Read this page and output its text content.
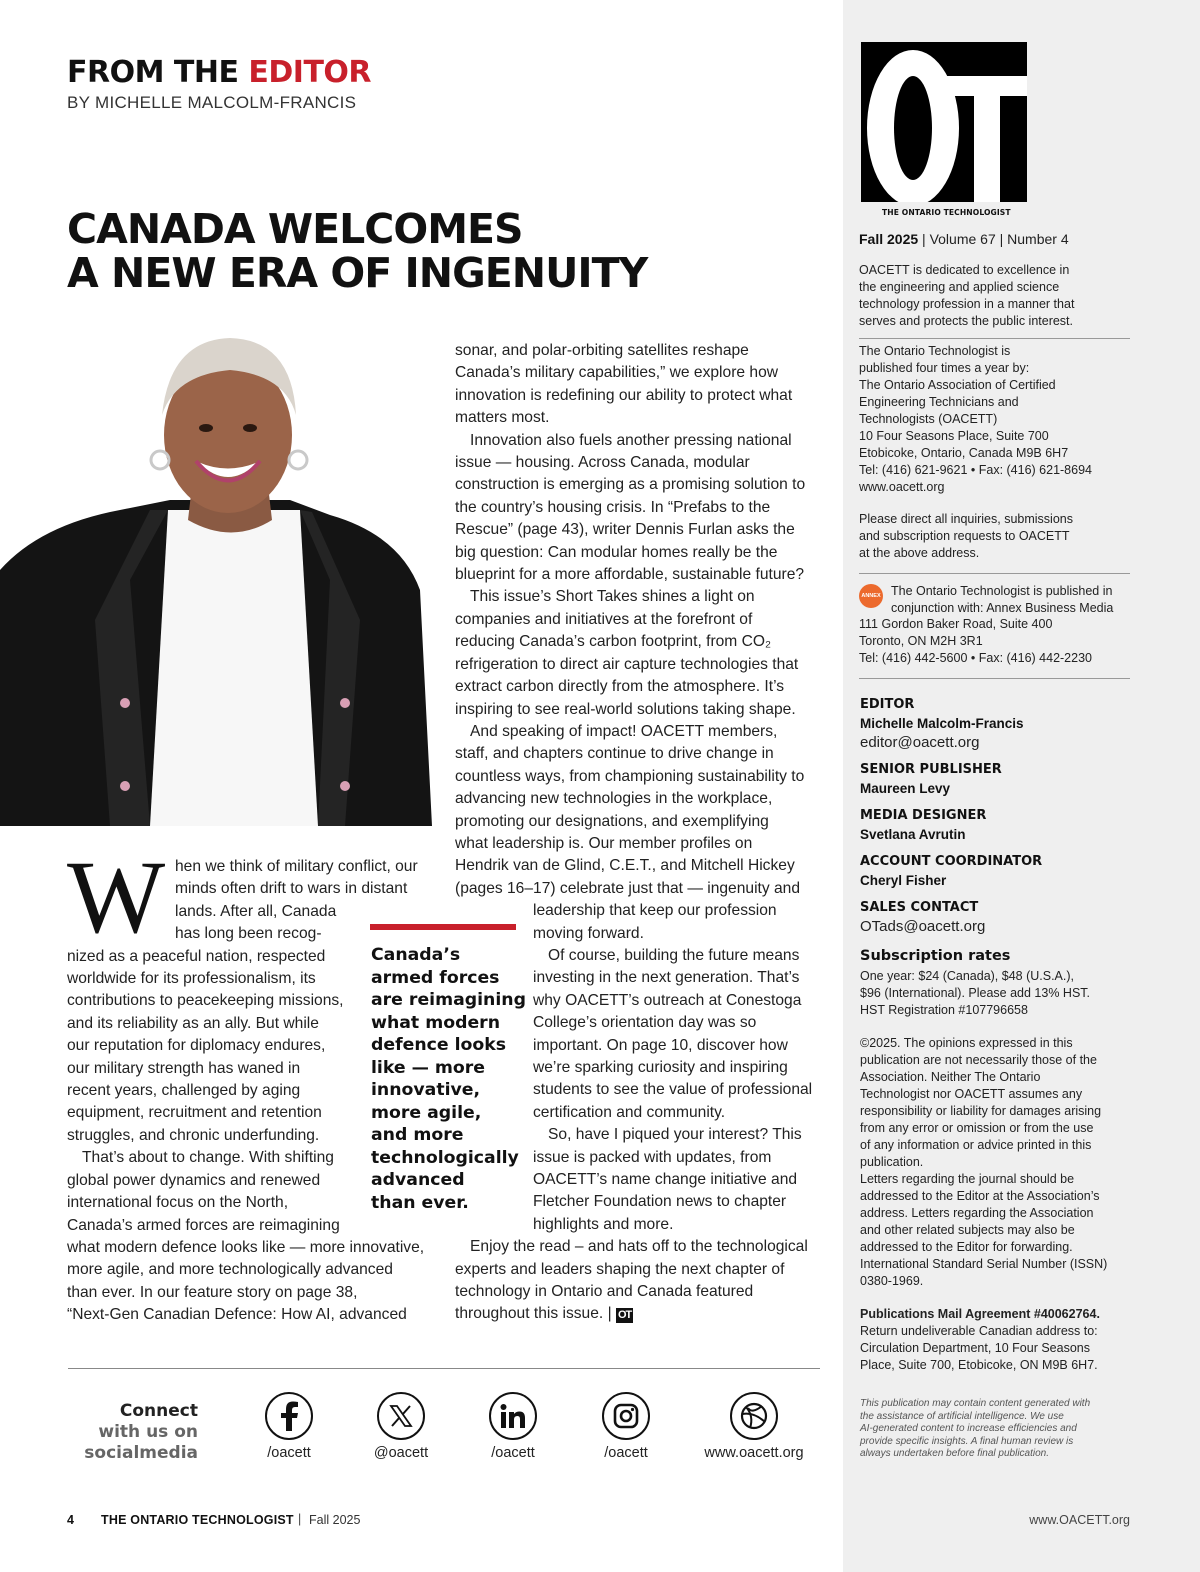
FROM THE EDITOR
BY MICHELLE MALCOLM-FRANCIS
CANADA WELCOMES
A NEW ERA OF INGENUITY
W hen we think of military conflict, our
minds often drift to wars in distant
lands. After all, Canada
has long been recog-
nized as a peaceful nation, respected
worldwide for its professionalism, its
contributions to peacekeeping missions,
and its reliability as an ally. But while
our reputation for diplomacy endures,
our military strength has waned in
recent years, challenged by aging
equipment, recruitment and retention
struggles, and chronic underfunding.
That’s about to change. With shifting
global power dynamics and renewed
international focus on the North,
Canada’s armed forces are reimagining
what modern defence looks like — more innovative,
more agile, and more technologically advanced
than ever. In our feature story on page 38,
“Next-Gen Canadian Defence: How AI, advanced
Canada’s
armed forces
are reimagining
what modern
defence looks
like — more
innovative,
more agile,
and more
technologically
advanced
than ever.
sonar, and polar-orbiting satellites reshape
Canada’s military capabilities,” we explore how
innovation is redefining our ability to protect what
matters most.
Innovation also fuels another pressing national
issue — housing. Across Canada, modular
construction is emerging as a promising solution to
the country’s housing crisis. In “Prefabs to the
Rescue” (page 43), writer Dennis Furlan asks the
big question: Can modular homes really be the
blueprint for a more affordable, sustainable future?
This issue’s Short Takes shines a light on
companies and initiatives at the forefront of
reducing Canada’s carbon footprint, from CO₂
refrigeration to direct air capture technologies that
extract carbon directly from the atmosphere. It’s
inspiring to see real-world solutions taking shape.
And speaking of impact! OACETT members,
staff, and chapters continue to drive change in
countless ways, from championing sustainability to
advancing new technologies in the workplace,
promoting our designations, and exemplifying
what leadership is. Our member profiles on
Hendrik van de Glind, C.E.T., and Mitchell Hickey
(pages 16–17) celebrate just that — ingenuity and
leadership that keep our profession
moving forward.
Of course, building the future means
investing in the next generation. That’s
why OACETT’s outreach at Conestoga
College’s orientation day was so
important. On page 10, discover how
we’re sparking curiosity and inspiring
students to see the value of professional
certification and community.
So, have I piqued your interest? This
issue is packed with updates, from
OACETT’s name change initiative and
Fletcher Foundation news to chapter
highlights and more.
Enjoy the read – and hats off to the technological
experts and leaders shaping the next chapter of
technology in Ontario and Canada featured
throughout this issue. | OT
Connect
with us on
socialmedia	/oacett	@oacett	/oacett	/oacett	www.oacett.org
4 THE ONTARIO TECHNOLOGIST | Fall 2025	www.OACETT.org
THE ONTARIO TECHNOLOGIST
Fall 2025 | Volume 67 | Number 4
OACETT is dedicated to excellence in
the engineering and applied science
technology profession in a manner that
serves and protects the public interest.
The Ontario Technologist is
published four times a year by:
The Ontario Association of Certified
Engineering Technicians and
Technologists (OACETT)
10 Four Seasons Place, Suite 700
Etobicoke, Ontario, Canada M9B 6H7
Tel: (416) 621-9621 • Fax: (416) 621-8694
www.oacett.org
Please direct all inquiries, submissions
and subscription requests to OACETT
at the above address.
ANNEX The Ontario Technologist is published in
conjunction with: Annex Business Media
111 Gordon Baker Road, Suite 400
Toronto, ON M2H 3R1
Tel: (416) 442-5600 • Fax: (416) 442-2230
EDITOR
Michelle Malcolm-Francis
editor@oacett.org
SENIOR PUBLISHER
Maureen Levy
MEDIA DESIGNER
Svetlana Avrutin
ACCOUNT COORDINATOR
Cheryl Fisher
SALES CONTACT
OTads@oacett.org
Subscription rates
One year: $24 (Canada), $48 (U.S.A.),
$96 (International). Please add 13% HST.
HST Registration #107796658
©2025. The opinions expressed in this
publication are not necessarily those of the
Association. Neither The Ontario
Technologist nor OACETT assumes any
responsibility or liability for damages arising
from any error or omission or from the use
of any information or advice printed in this
publication.
Letters regarding the journal should be
addressed to the Editor at the Association’s
address. Letters regarding the Association
and other related subjects may also be
addressed to the Editor for forwarding.
International Standard Serial Number (ISSN)
0380-1969.
Publications Mail Agreement #40062764.
Return undeliverable Canadian address to:
Circulation Department, 10 Four Seasons
Place, Suite 700, Etobicoke, ON M9B 6H7.
This publication may contain content generated with
the assistance of artificial intelligence. We use
AI-generated content to increase efficiencies and
provide specific insights. A final human review is
always undertaken before final publication.
